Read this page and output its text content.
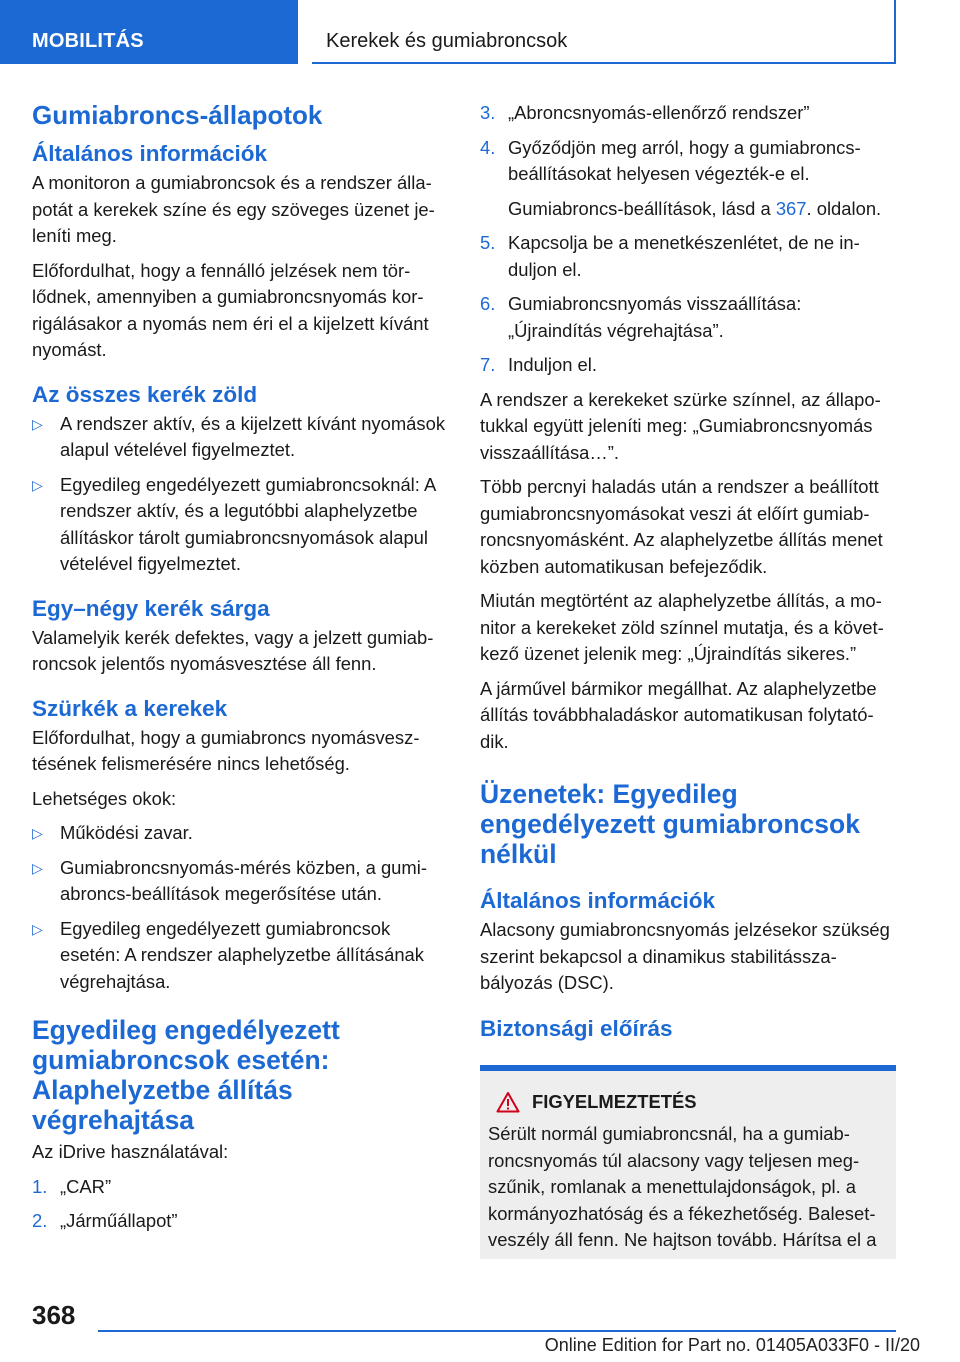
MOBILITÁS	Kerekek és gumiabroncsok
Gumiabroncs-állapotok
Általános információk

A monitoron a gumiabroncsok és a rendszer állapotát a kerekek színe és egy szöveges üzenet jeleníti meg.

Előfordulhat, hogy a fennálló jelzések nem törlődnek, amennyiben a gumiabroncsnyomás korrigálásakor a nyomás nem éri el a kijelzett kívánt nyomást.

Az összes kerék zöld
▷ A rendszer aktív, és a kijelzett kívánt nyomások alapul vételével figyelmeztet.
▷ Egyedileg engedélyezett gumiabroncsoknál: A rendszer aktív, és a legutóbbi alaphelyzetbe állításkor tárolt gumiabroncsnyomások alapul vételével figyelmeztet.
Egy–négy kerék sárga

Valamelyik kerék defektes, vagy a jelzett gumiabroncsok jelentős nyomásvesztése áll fenn.

Szürkék a kerekek

Előfordulhat, hogy a gumiabroncs nyomásvesztésének felismerésére nincs lehetőség.

Lehetséges okok:

▷ Működési zavar.
▷ Gumiabroncsnyomás-mérés közben, a gumiabroncs-beállítások megerősítése után.
▷ Egyedileg engedélyezett gumiabroncsok esetén: A rendszer alaphelyzetbe állításának végrehajtása.
Egyedileg engedélyezett gumiabroncsok esetén: Alaphelyzetbe állítás végrehajtása

Az iDrive használatával:

1. „CAR”
2. „Járműállapot”
3. „Abroncsnyomás-ellenőrző rendszer”
4. Győződjön meg arról, hogy a gumiabroncs-beállításokat helyesen végezték-e el.
Gumiabroncs-beállítások, lásd a 367. oldalon.
5. Kapcsolja be a menetkészenlétet, de ne induljon el.
6. Gumiabroncsnyomás visszaállítása: „Újraindítás végrehajtása”.
7. Induljon el.

A rendszer a kerekeket szürke színnel, az állapotukkal együtt jeleníti meg: „Gumiabroncsnyomás visszaállítása…”.

Több percnyi haladás után a rendszer a beállított gumiabroncsnyomásokat veszi át előírt gumiabroncsnyomásként. Az alaphelyzetbe állítás menet közben automatikusan befejeződik.

Miután megtörtént az alaphelyzetbe állítás, a monitor a kerekeket zöld színnel mutatja, és a következő üzenet jelenik meg: „Újraindítás sikeres.”

A járművel bármikor megállhat. Az alaphelyzetbe állítás továbbhaladáskor automatikusan folytatódik.

Üzenetek: Egyedileg engedélyezett gumiabroncsok nélkül
Általános információk

Alacsony gumiabroncsnyomás jelzésekor szükség szerint bekapcsol a dinamikus stabilitásszabályozás (DSC).

Biztonsági előírás
FIGYELMEZTETÉS

Sérült normál gumiabroncsnál, ha a gumiabroncsnyomás túl alacsony vagy teljesen megszűnik, romlanak a menettulajdonságok, pl. a kormányozhatóság és a fékezhetőség. Balesetveszély áll fenn. Ne hajtson tovább. Hárítsa el a

368
Online Edition for Part no. 01405A033F0 - II/20
